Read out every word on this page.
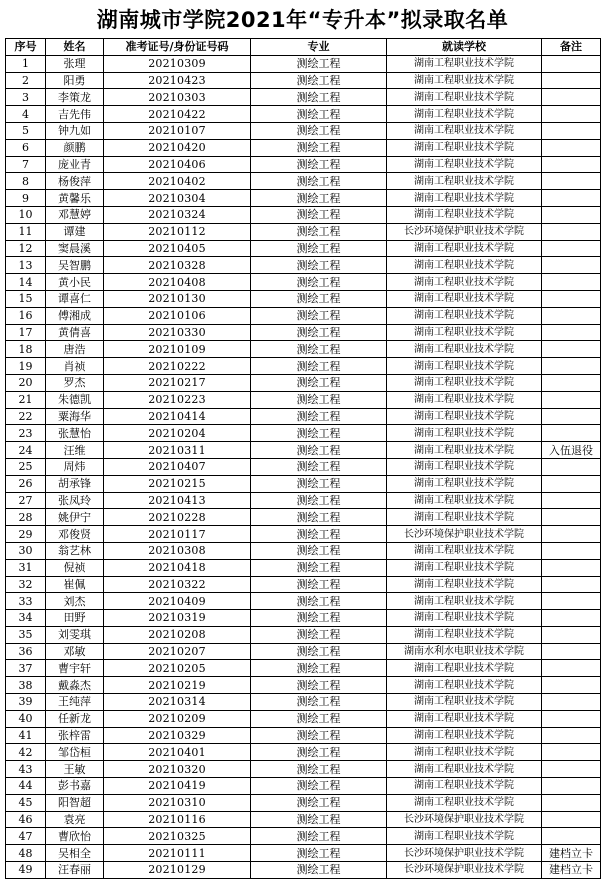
湖南城市学院2021年“专升本”拟录取名单
序号	姓名	准考证号/身份证号码	专业	就读学校	备注
1	张理	20210309	测绘工程	湖南工程职业技术学院	
2	阳勇	20210423	测绘工程	湖南工程职业技术学院	
3	李策龙	20210303	测绘工程	湖南工程职业技术学院	
4	吉先伟	20210422	测绘工程	湖南工程职业技术学院	
5	钟九如	20210107	测绘工程	湖南工程职业技术学院	
6	颜鹏	20210420	测绘工程	湖南工程职业技术学院	
7	庞业青	20210406	测绘工程	湖南工程职业技术学院	
8	杨俊萍	20210402	测绘工程	湖南工程职业技术学院	
9	黄馨乐	20210304	测绘工程	湖南工程职业技术学院	
10	邓慧婷	20210324	测绘工程	湖南工程职业技术学院	
11	谭建	20210112	测绘工程	长沙环境保护职业技术学院	
12	窦晨溪	20210405	测绘工程	湖南工程职业技术学院	
13	吴智鹏	20210328	测绘工程	湖南工程职业技术学院	
14	黄小民	20210408	测绘工程	湖南工程职业技术学院	
15	谭喜仁	20210130	测绘工程	湖南工程职业技术学院	
16	傅湘成	20210106	测绘工程	湖南工程职业技术学院	
17	黄倩喜	20210330	测绘工程	湖南工程职业技术学院	
18	唐浩	20210109	测绘工程	湖南工程职业技术学院	
19	肖祯	20210222	测绘工程	湖南工程职业技术学院	
20	罗杰	20210217	测绘工程	湖南工程职业技术学院	
21	朱德凯	20210223	测绘工程	湖南工程职业技术学院	
22	粟海华	20210414	测绘工程	湖南工程职业技术学院	
23	张慧怡	20210204	测绘工程	湖南工程职业技术学院	
24	汪维	20210311	测绘工程	湖南工程职业技术学院	入伍退役
25	周炜	20210407	测绘工程	湖南工程职业技术学院	
26	胡承锋	20210215	测绘工程	湖南工程职业技术学院	
27	张凤玲	20210413	测绘工程	湖南工程职业技术学院	
28	姚伊宁	20210228	测绘工程	湖南工程职业技术学院	
29	邓俊贤	20210117	测绘工程	长沙环境保护职业技术学院	
30	翁艺林	20210308	测绘工程	湖南工程职业技术学院	
31	倪祯	20210418	测绘工程	湖南工程职业技术学院	
32	崔佩	20210322	测绘工程	湖南工程职业技术学院	
33	刘杰	20210409	测绘工程	湖南工程职业技术学院	
34	田野	20210319	测绘工程	湖南工程职业技术学院	
35	刘雯琪	20210208	测绘工程	湖南工程职业技术学院	
36	邓敏	20210207	测绘工程	湖南水利水电职业技术学院	
37	曹宇轩	20210205	测绘工程	湖南工程职业技术学院	
38	戴淼杰	20210219	测绘工程	湖南工程职业技术学院	
39	王纯萍	20210314	测绘工程	湖南工程职业技术学院	
40	任新龙	20210209	测绘工程	湖南工程职业技术学院	
41	张梓雷	20210329	测绘工程	湖南工程职业技术学院	
42	邹岱桓	20210401	测绘工程	湖南工程职业技术学院	
43	王敏	20210320	测绘工程	湖南工程职业技术学院	
44	彭书嘉	20210419	测绘工程	湖南工程职业技术学院	
45	阳智超	20210310	测绘工程	湖南工程职业技术学院	
46	袁亮	20210116	测绘工程	长沙环境保护职业技术学院	
47	曹欣怡	20210325	测绘工程	湖南工程职业技术学院	
48	吴相全	20210111	测绘工程	长沙环境保护职业技术学院	建档立卡
49	汪春丽	20210129	测绘工程	长沙环境保护职业技术学院	建档立卡
